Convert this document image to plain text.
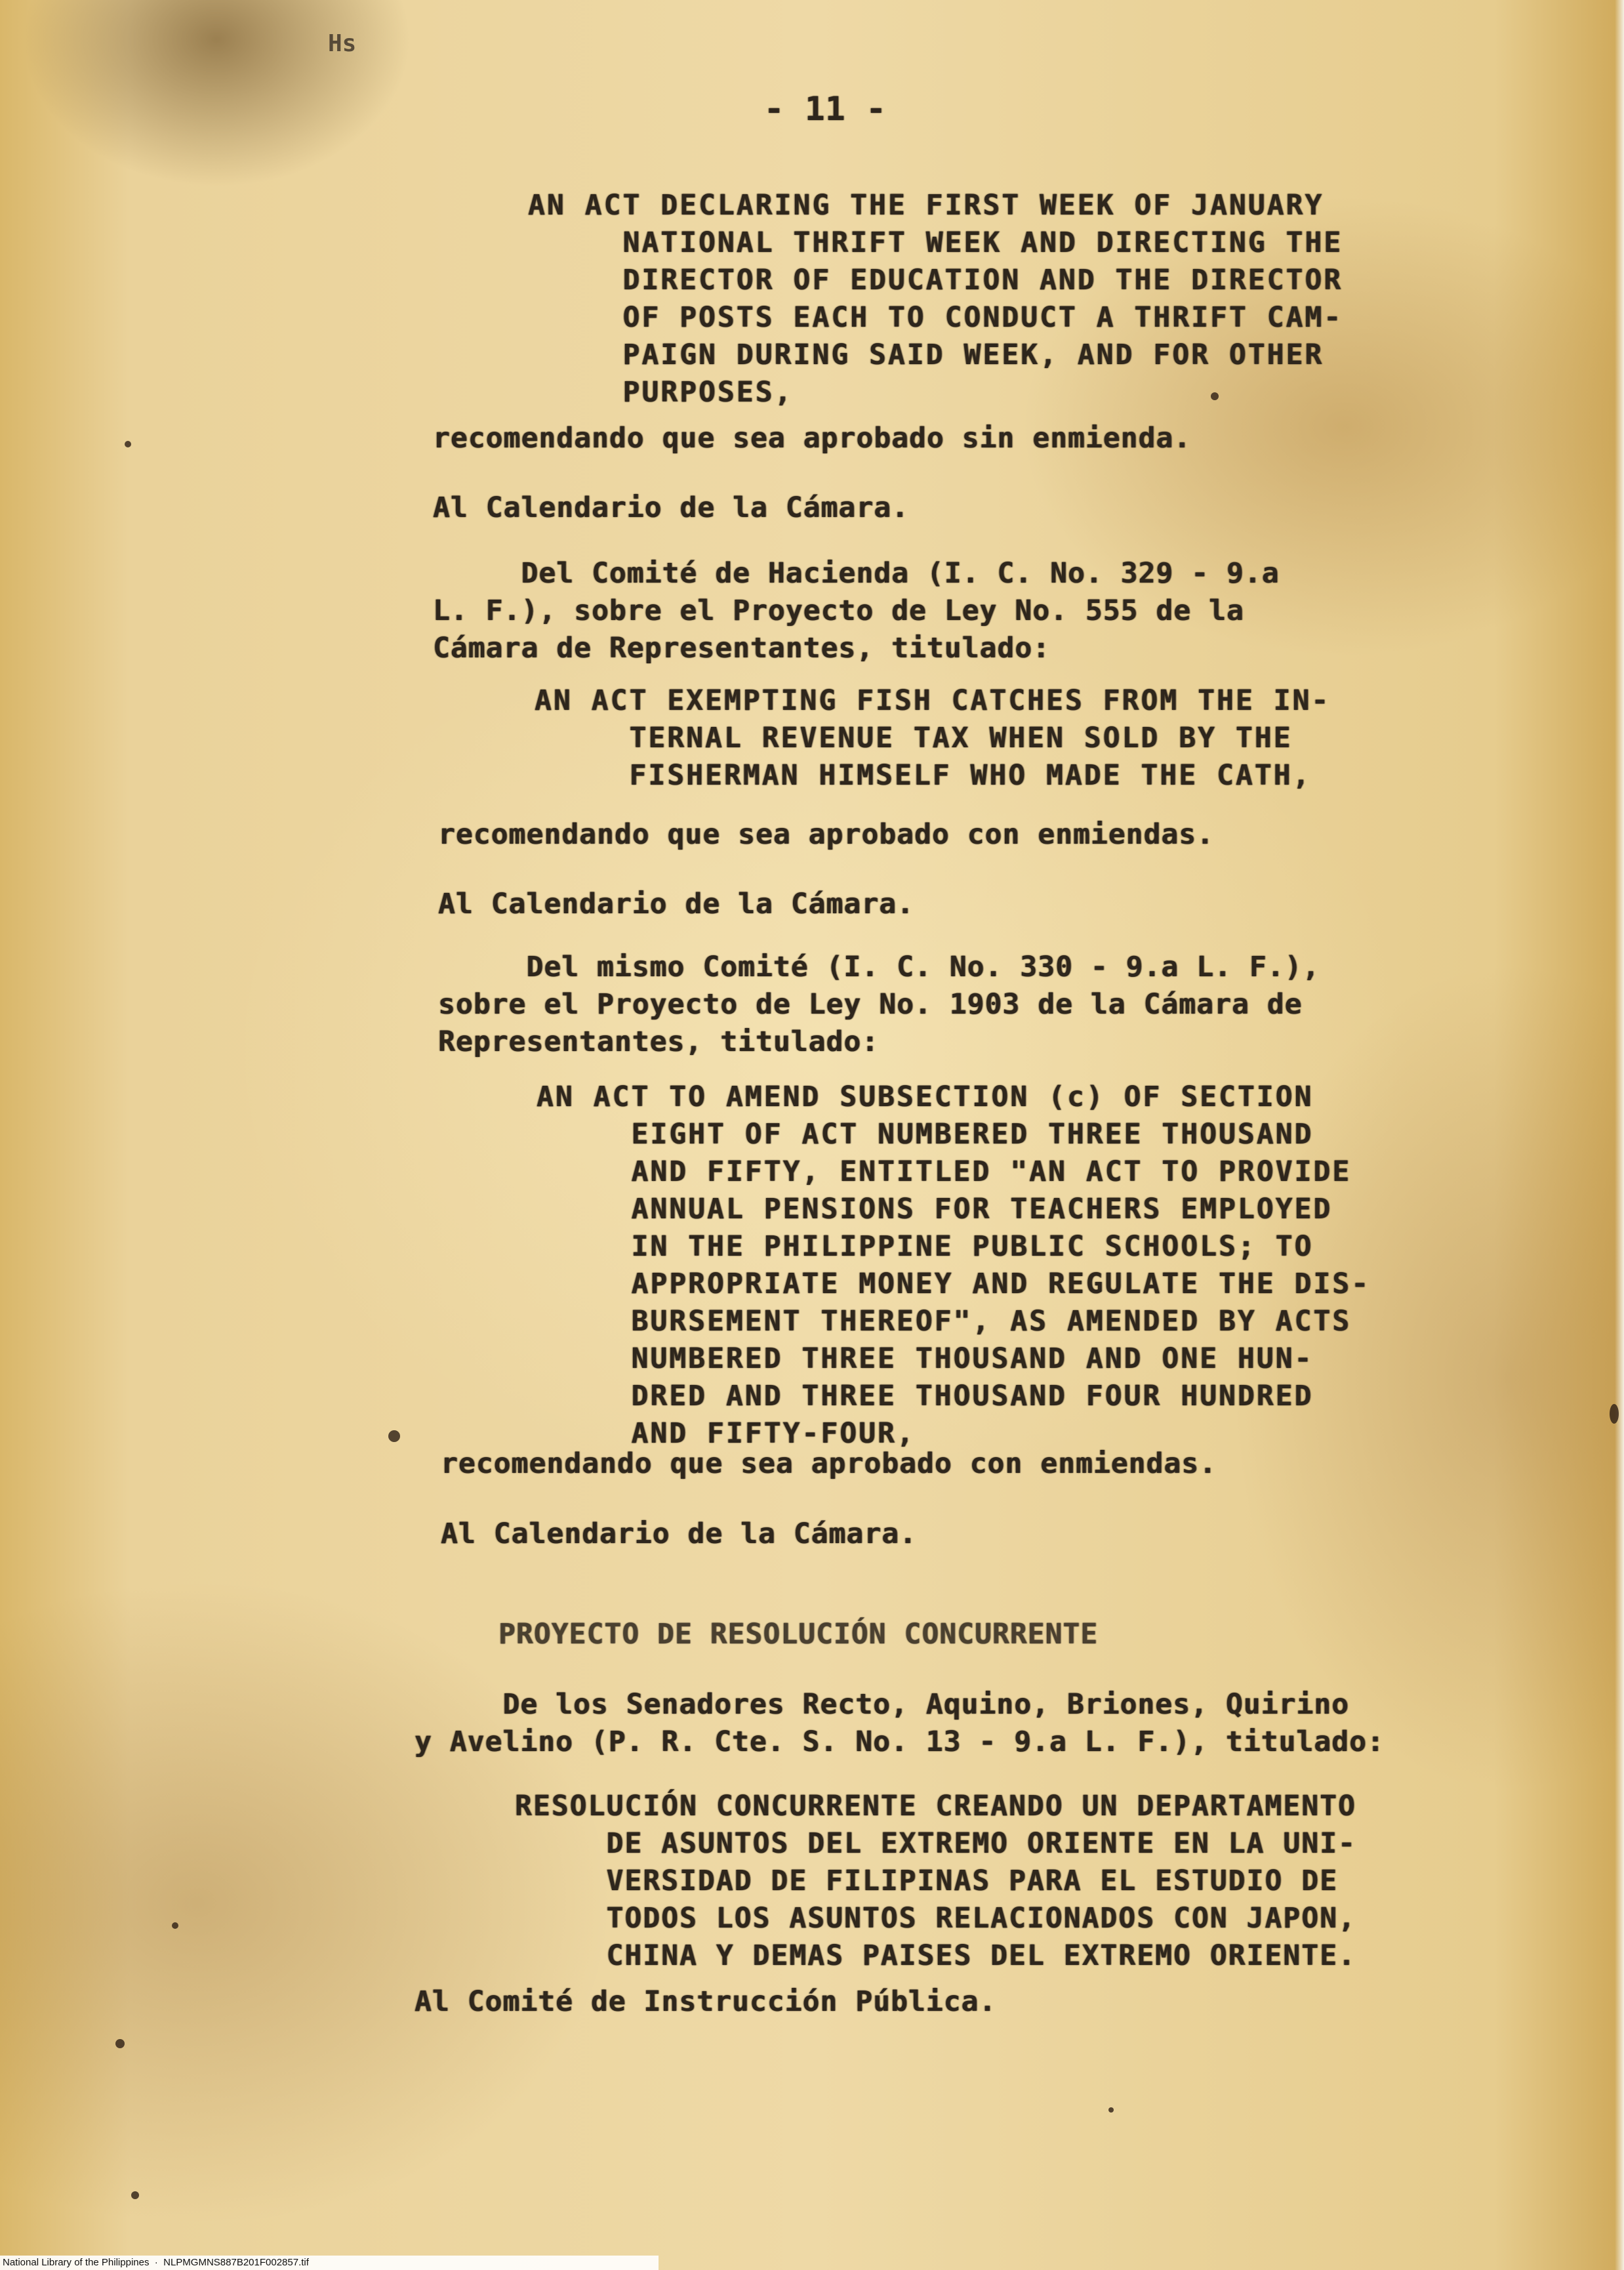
Hs

- 11 -

AN ACT DECLARING THE FIRST WEEK OF JANUARY
NATIONAL THRIFT WEEK AND DIRECTING THE
DIRECTOR OF EDUCATION AND THE DIRECTOR
OF POSTS EACH TO CONDUCT A THRIFT CAM-
PAIGN DURING SAID WEEK, AND FOR OTHER
PURPOSES,

recomendando que sea aprobado sin enmienda.

Al Calendario de la Cámara.

Del Comité de Hacienda (I. C. No. 329 - 9.a
L. F.), sobre el Proyecto de Ley No. 555 de la
Cámara de Representantes, titulado:

AN ACT EXEMPTING FISH CATCHES FROM THE IN-
TERNAL REVENUE TAX WHEN SOLD BY THE
FISHERMAN HIMSELF WHO MADE THE CATH,

recomendando que sea aprobado con enmiendas.

Al Calendario de la Cámara.

Del mismo Comité (I. C. No. 330 - 9.a L. F.),
sobre el Proyecto de Ley No. 1903 de la Cámara de
Representantes, titulado:

AN ACT TO AMEND SUBSECTION (c) OF SECTION
EIGHT OF ACT NUMBERED THREE THOUSAND
AND FIFTY, ENTITLED "AN ACT TO PROVIDE
ANNUAL PENSIONS FOR TEACHERS EMPLOYED
IN THE PHILIPPINE PUBLIC SCHOOLS; TO
APPROPRIATE MONEY AND REGULATE THE DIS-
BURSEMENT THEREOF", AS AMENDED BY ACTS
NUMBERED THREE THOUSAND AND ONE HUN-
DRED AND THREE THOUSAND FOUR HUNDRED
AND FIFTY-FOUR,

recomendando que sea aprobado con enmiendas.

Al Calendario de la Cámara.

PROYECTO DE RESOLUCIÓN CONCURRENTE

De los Senadores Recto, Aquino, Briones, Quirino
y Avelino (P. R. Cte. S. No. 13 - 9.a L. F.), titulado:

RESOLUCIÓN CONCURRENTE CREANDO UN DEPARTAMENTO
DE ASUNTOS DEL EXTREMO ORIENTE EN LA UNI-
VERSIDAD DE FILIPINAS PARA EL ESTUDIO DE
TODOS LOS ASUNTOS RELACIONADOS CON JAPON,
CHINA Y DEMAS PAISES DEL EXTREMO ORIENTE.

Al Comité de Instrucción Pública.

National Library of the Philippines  ·  NLPMGMNS887B201F002857.tif
